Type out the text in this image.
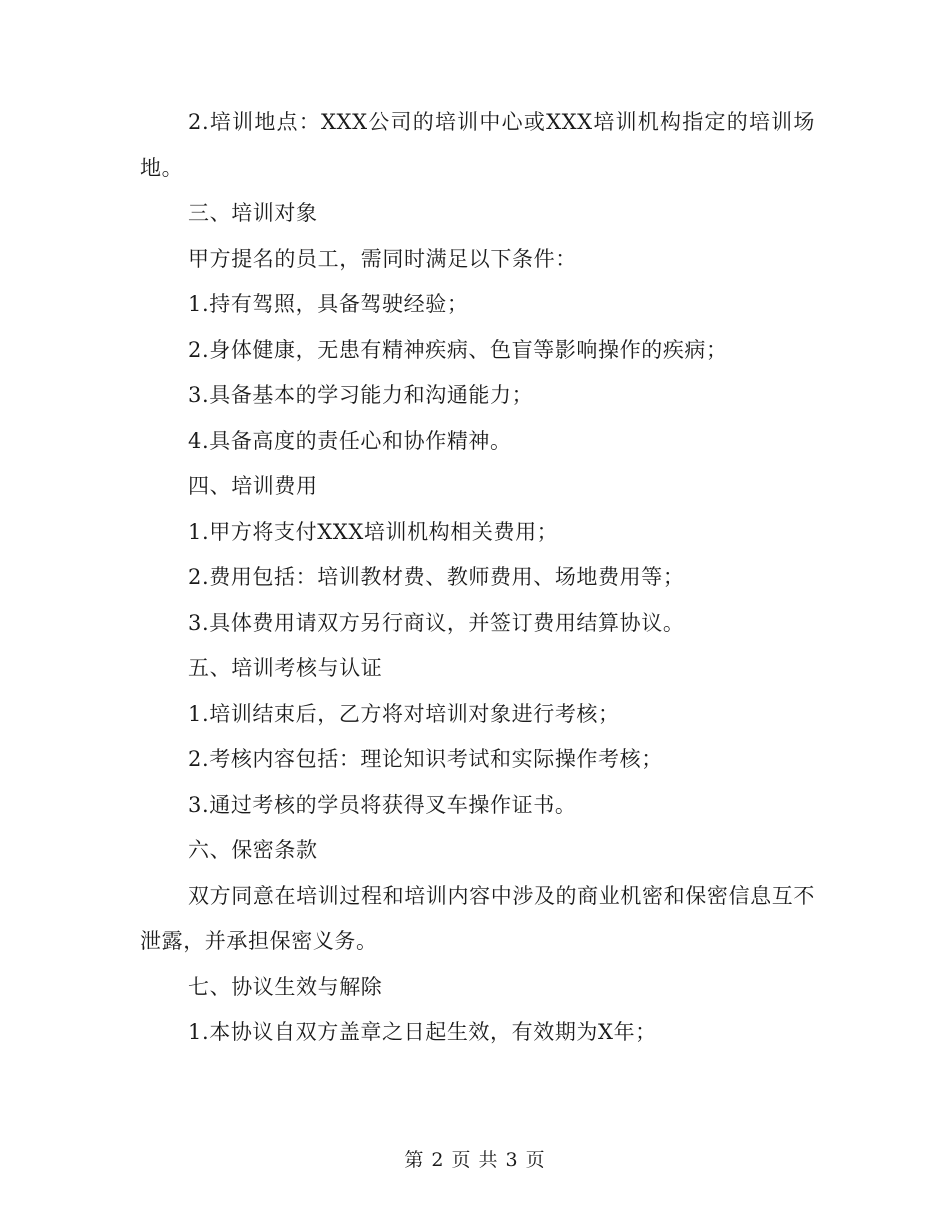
2.培训地点：XXX公司的培训中心或XXX培训机构指定的培训场地。

三、培训对象

甲方提名的员工，需同时满足以下条件：

1.持有驾照，具备驾驶经验；

2.身体健康，无患有精神疾病、色盲等影响操作的疾病；

3.具备基本的学习能力和沟通能力；

4.具备高度的责任心和协作精神。

四、培训费用

1.甲方将支付XXX培训机构相关费用；

2.费用包括：培训教材费、教师费用、场地费用等；

3.具体费用请双方另行商议，并签订费用结算协议。

五、培训考核与认证

1.培训结束后，乙方将对培训对象进行考核；

2.考核内容包括：理论知识考试和实际操作考核；

3.通过考核的学员将获得叉车操作证书。

六、保密条款

双方同意在培训过程和培训内容中涉及的商业机密和保密信息互不泄露，并承担保密义务。

七、协议生效与解除

1.本协议自双方盖章之日起生效，有效期为X年；

第 2 页 共 3 页
